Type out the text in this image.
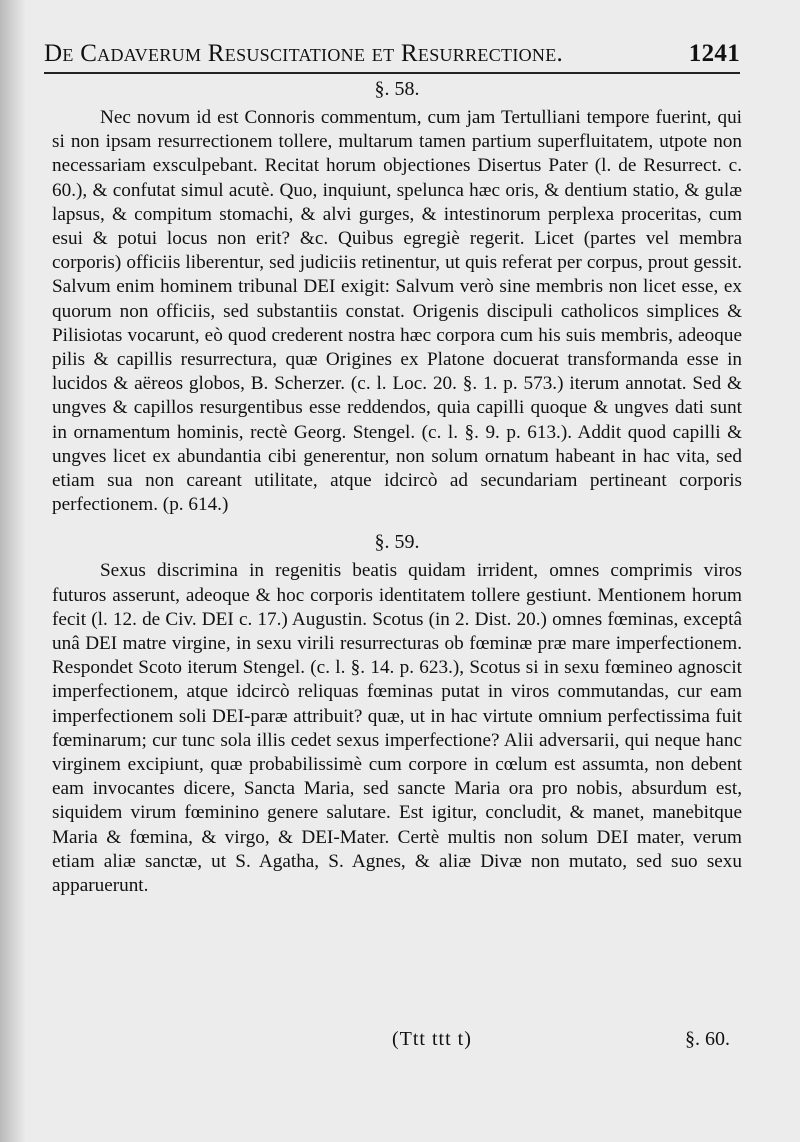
De Cadaverum Resuscitatione et Resurrectione.	1241
§. 58.

Nec novum id est Connoris commentum, cum jam Tertulliani tempore fuerint, qui si non ipsam resurrectionem tollere, multarum tamen partium superfluitatem, utpote non necessariam exsculpebant. Recitat horum objectiones Disertus Pater (l. de Resurrect. c. 60.), & confutat simul acutè. Quo, inquiunt, spelunca hæc oris, & dentium statio, & gulæ lapsus, & compitum stomachi, & alvi gurges, & intestinorum perplexa proceritas, cum esui & potui locus non erit? &c. Quibus egregiè regerit. Licet (partes vel membra corporis) officiis liberentur, sed judiciis retinentur, ut quis referat per corpus, prout gessit. Salvum enim hominem tribunal DEI exigit: Salvum verò sine membris non licet esse, ex quorum non officiis, sed substantiis constat. Origenis discipuli catholicos simplices & Pilisiotas vocarunt, eò quod crederent nostra hæc corpora cum his suis membris, adeoque pilis & capillis resurrectura, quæ Origines ex Platone docuerat transformanda esse in lucidos & aëreos globos, B. Scherzer. (c. l. Loc. 20. §. 1. p. 573.) iterum annotat. Sed & ungves & capillos resurgentibus esse reddendos, quia capilli quoque & ungves dati sunt in ornamentum hominis, rectè Georg. Stengel. (c. l. §. 9. p. 613.). Addit quod capilli & ungves licet ex abundantia cibi generentur, non solum ornatum habeant in hac vita, sed etiam sua non careant utilitate, atque idcircò ad secundariam pertineant corporis perfectionem. (p. 614.)

§. 59.

Sexus discrimina in regenitis beatis quidam irrident, omnes comprimis viros futuros asserunt, adeoque & hoc corporis identitatem tollere gestiunt. Mentionem horum fecit (l. 12. de Civ. DEI c. 17.) Augustin. Scotus (in 2. Dist. 20.) omnes fœminas, exceptâ unâ DEI matre virgine, in sexu virili resurrecturas ob fœminæ præ mare imperfectionem. Respondet Scoto iterum Stengel. (c. l. §. 14. p. 623.), Scotus si in sexu fœmineo agnoscit imperfectionem, atque idcircò reliquas fœminas putat in viros commutandas, cur eam imperfectionem soli DEI-paræ attribuit? quæ, ut in hac virtute omnium perfectissima fuit fœminarum; cur tunc sola illis cedet sexus imperfectione? Alii adversarii, qui neque hanc virginem excipiunt, quæ probabilissimè cum corpore in cœlum est assumta, non debent eam invocantes dicere, Sancta Maria, sed sancte Maria ora pro nobis, absurdum est, siquidem virum fœminino genere salutare. Est igitur, concludit, & manet, manebitque Maria & fœmina, & virgo, & DEI-Mater. Certè multis non solum DEI mater, verum etiam aliæ sanctæ, ut S. Agatha, S. Agnes, & aliæ Divæ non mutato, sed suo sexu apparuerunt.

(Ttt ttt t)	§. 60.
